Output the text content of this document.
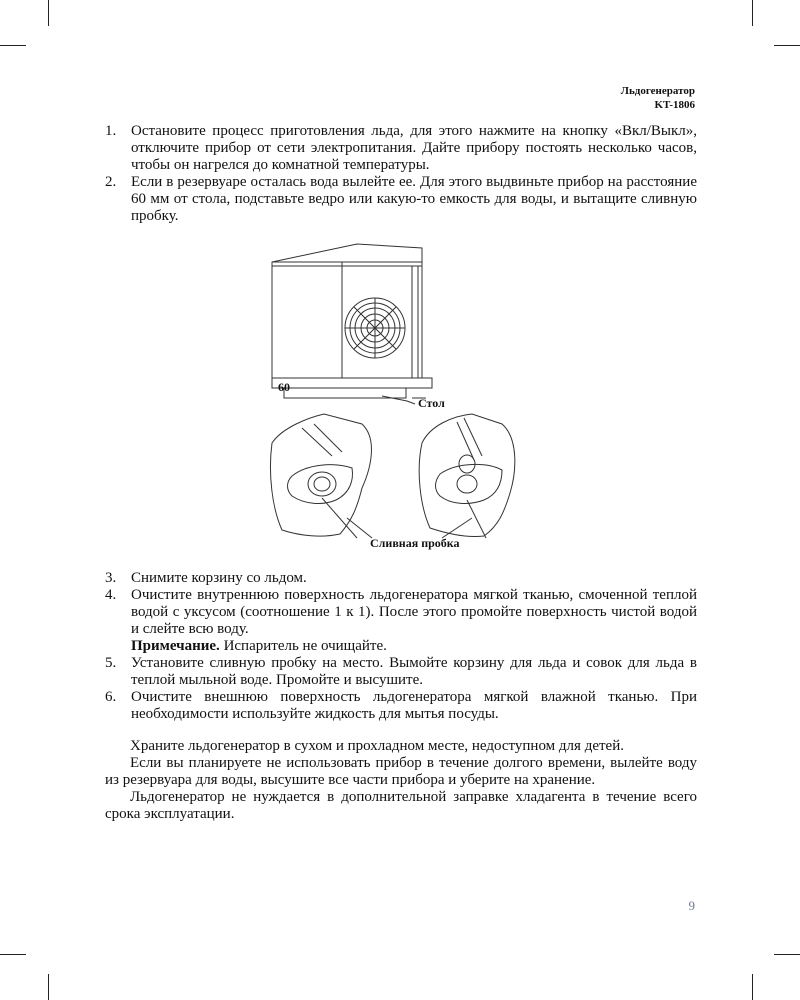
Льдогенератор
KT-1806
1. Остановите процесс приготовления льда, для этого нажмите на кнопку «Вкл/Выкл», отключите прибор от сети электропитания. Дайте прибору постоять несколько часов, чтобы он нагрелся до комнатной температуры.
2. Если в резервуаре осталась вода вылейте ее. Для этого выдвиньте прибор на расстояние 60 мм от стола, подставьте ведро или какую-то емкость для воды, и вытащите сливную пробку.
60
Стол
Сливная пробка
3. Снимите корзину со льдом.
4. Очистите внутреннюю поверхность льдогенератора мягкой тканью, смоченной теплой водой с уксусом (соотношение 1 к 1). После этого промойте поверхность чистой водой и слейте всю воду.
Примечание. Испаритель не очищайте.
5. Установите сливную пробку на место. Вымойте корзину для льда и совок для льда в теплой мыльной воде. Промойте и высушите.
6. Очистите внешнюю поверхность льдогенератора мягкой влажной тканью. При необходимости используйте жидкость для мытья посуды.

Храните льдогенератор в сухом и прохладном месте, недоступном для детей.

Если вы планируете не использовать прибор в течение долгого времени, вылейте воду из резервуара для воды, высушите все части прибора и уберите на хранение.

Льдогенератор не нуждается в дополнительной заправке хладагента в течение всего срока эксплуатации.

9
